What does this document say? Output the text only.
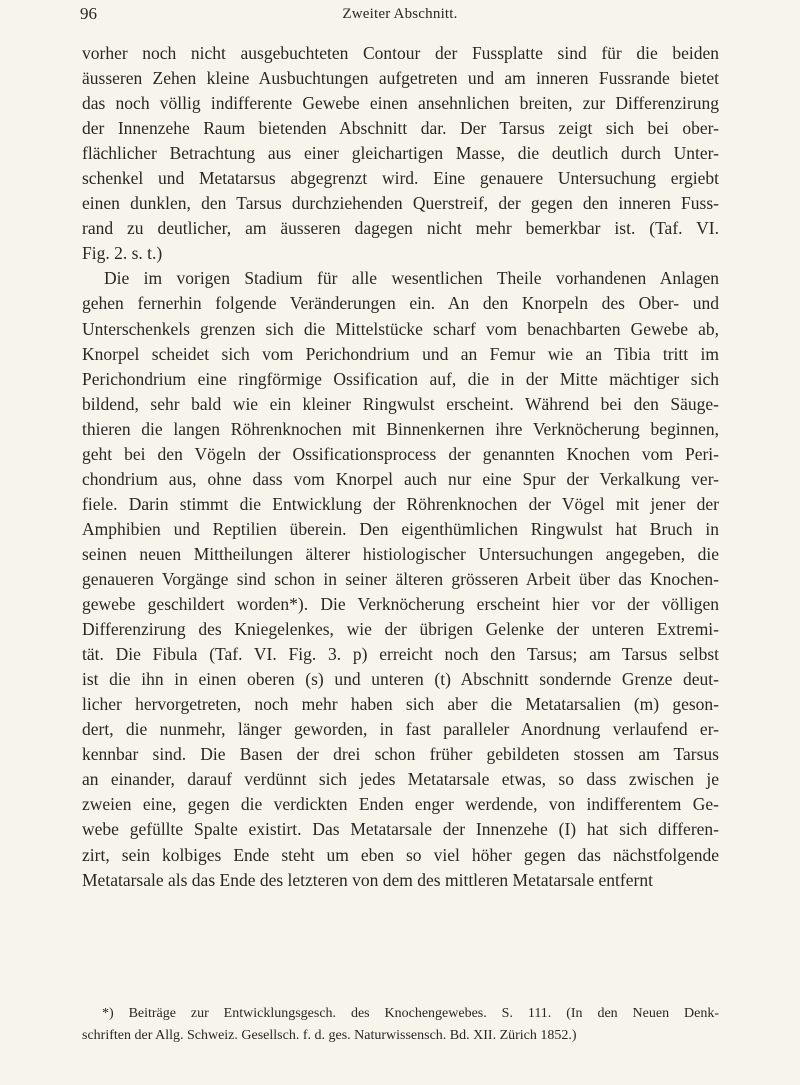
96	Zweiter Abschnitt.
vorher noch nicht ausgebuchteten Contour der Fussplatte sind für die beiden
äusseren Zehen kleine Ausbuchtungen aufgetreten und am inneren Fussrande bietet
das noch völlig indifferente Gewebe einen ansehnlichen breiten, zur Differenzirung
der Innenzehe Raum bietenden Abschnitt dar. Der Tarsus zeigt sich bei ober-
flächlicher Betrachtung aus einer gleichartigen Masse, die deutlich durch Unter-
schenkel und Metatarsus abgegrenzt wird. Eine genauere Untersuchung ergiebt
einen dunklen, den Tarsus durchziehenden Querstreif, der gegen den inneren Fuss-
rand zu deutlicher, am äusseren dagegen nicht mehr bemerkbar ist. (Taf. VI.
Fig. 2. s. t.)
Die im vorigen Stadium für alle wesentlichen Theile vorhandenen Anlagen
gehen fernerhin folgende Veränderungen ein. An den Knorpeln des Ober- und
Unterschenkels grenzen sich die Mittelstücke scharf vom benachbarten Gewebe ab,
Knorpel scheidet sich vom Perichondrium und an Femur wie an Tibia tritt im
Perichondrium eine ringförmige Ossification auf, die in der Mitte mächtiger sich
bildend, sehr bald wie ein kleiner Ringwulst erscheint. Während bei den Säuge-
thieren die langen Röhrenknochen mit Binnenkernen ihre Verknöcherung beginnen,
geht bei den Vögeln der Ossificationsprocess der genannten Knochen vom Peri-
chondrium aus, ohne dass vom Knorpel auch nur eine Spur der Verkalkung ver-
fiele. Darin stimmt die Entwicklung der Röhrenknochen der Vögel mit jener der
Amphibien und Reptilien überein. Den eigenthümlichen Ringwulst hat Bruch in
seinen neuen Mittheilungen älterer histiologischer Untersuchungen angegeben, die
genaueren Vorgänge sind schon in seiner älteren grösseren Arbeit über das Knochen-
gewebe geschildert worden*). Die Verknöcherung erscheint hier vor der völligen
Differenzirung des Kniegelenkes, wie der übrigen Gelenke der unteren Extremi-
tät. Die Fibula (Taf. VI. Fig. 3. p) erreicht noch den Tarsus; am Tarsus selbst
ist die ihn in einen oberen (s) und unteren (t) Abschnitt sondernde Grenze deut-
licher hervorgetreten, noch mehr haben sich aber die Metatarsalien (m) geson-
dert, die nunmehr, länger geworden, in fast paralleler Anordnung verlaufend er-
kennbar sind. Die Basen der drei schon früher gebildeten stossen am Tarsus
an einander, darauf verdünnt sich jedes Metatarsale etwas, so dass zwischen je
zweien eine, gegen die verdickten Enden enger werdende, von indifferentem Ge-
webe gefüllte Spalte existirt. Das Metatarsale der Innenzehe (I) hat sich differen-
zirt, sein kolbiges Ende steht um eben so viel höher gegen das nächstfolgende
Metatarsale als das Ende des letzteren von dem des mittleren Metatarsale entfernt
*) Beiträge zur Entwicklungsgesch. des Knochengewebes. S. 111. (In den Neuen Denk-
schriften der Allg. Schweiz. Gesellsch. f. d. ges. Naturwissensch. Bd. XII. Zürich 1852.)
